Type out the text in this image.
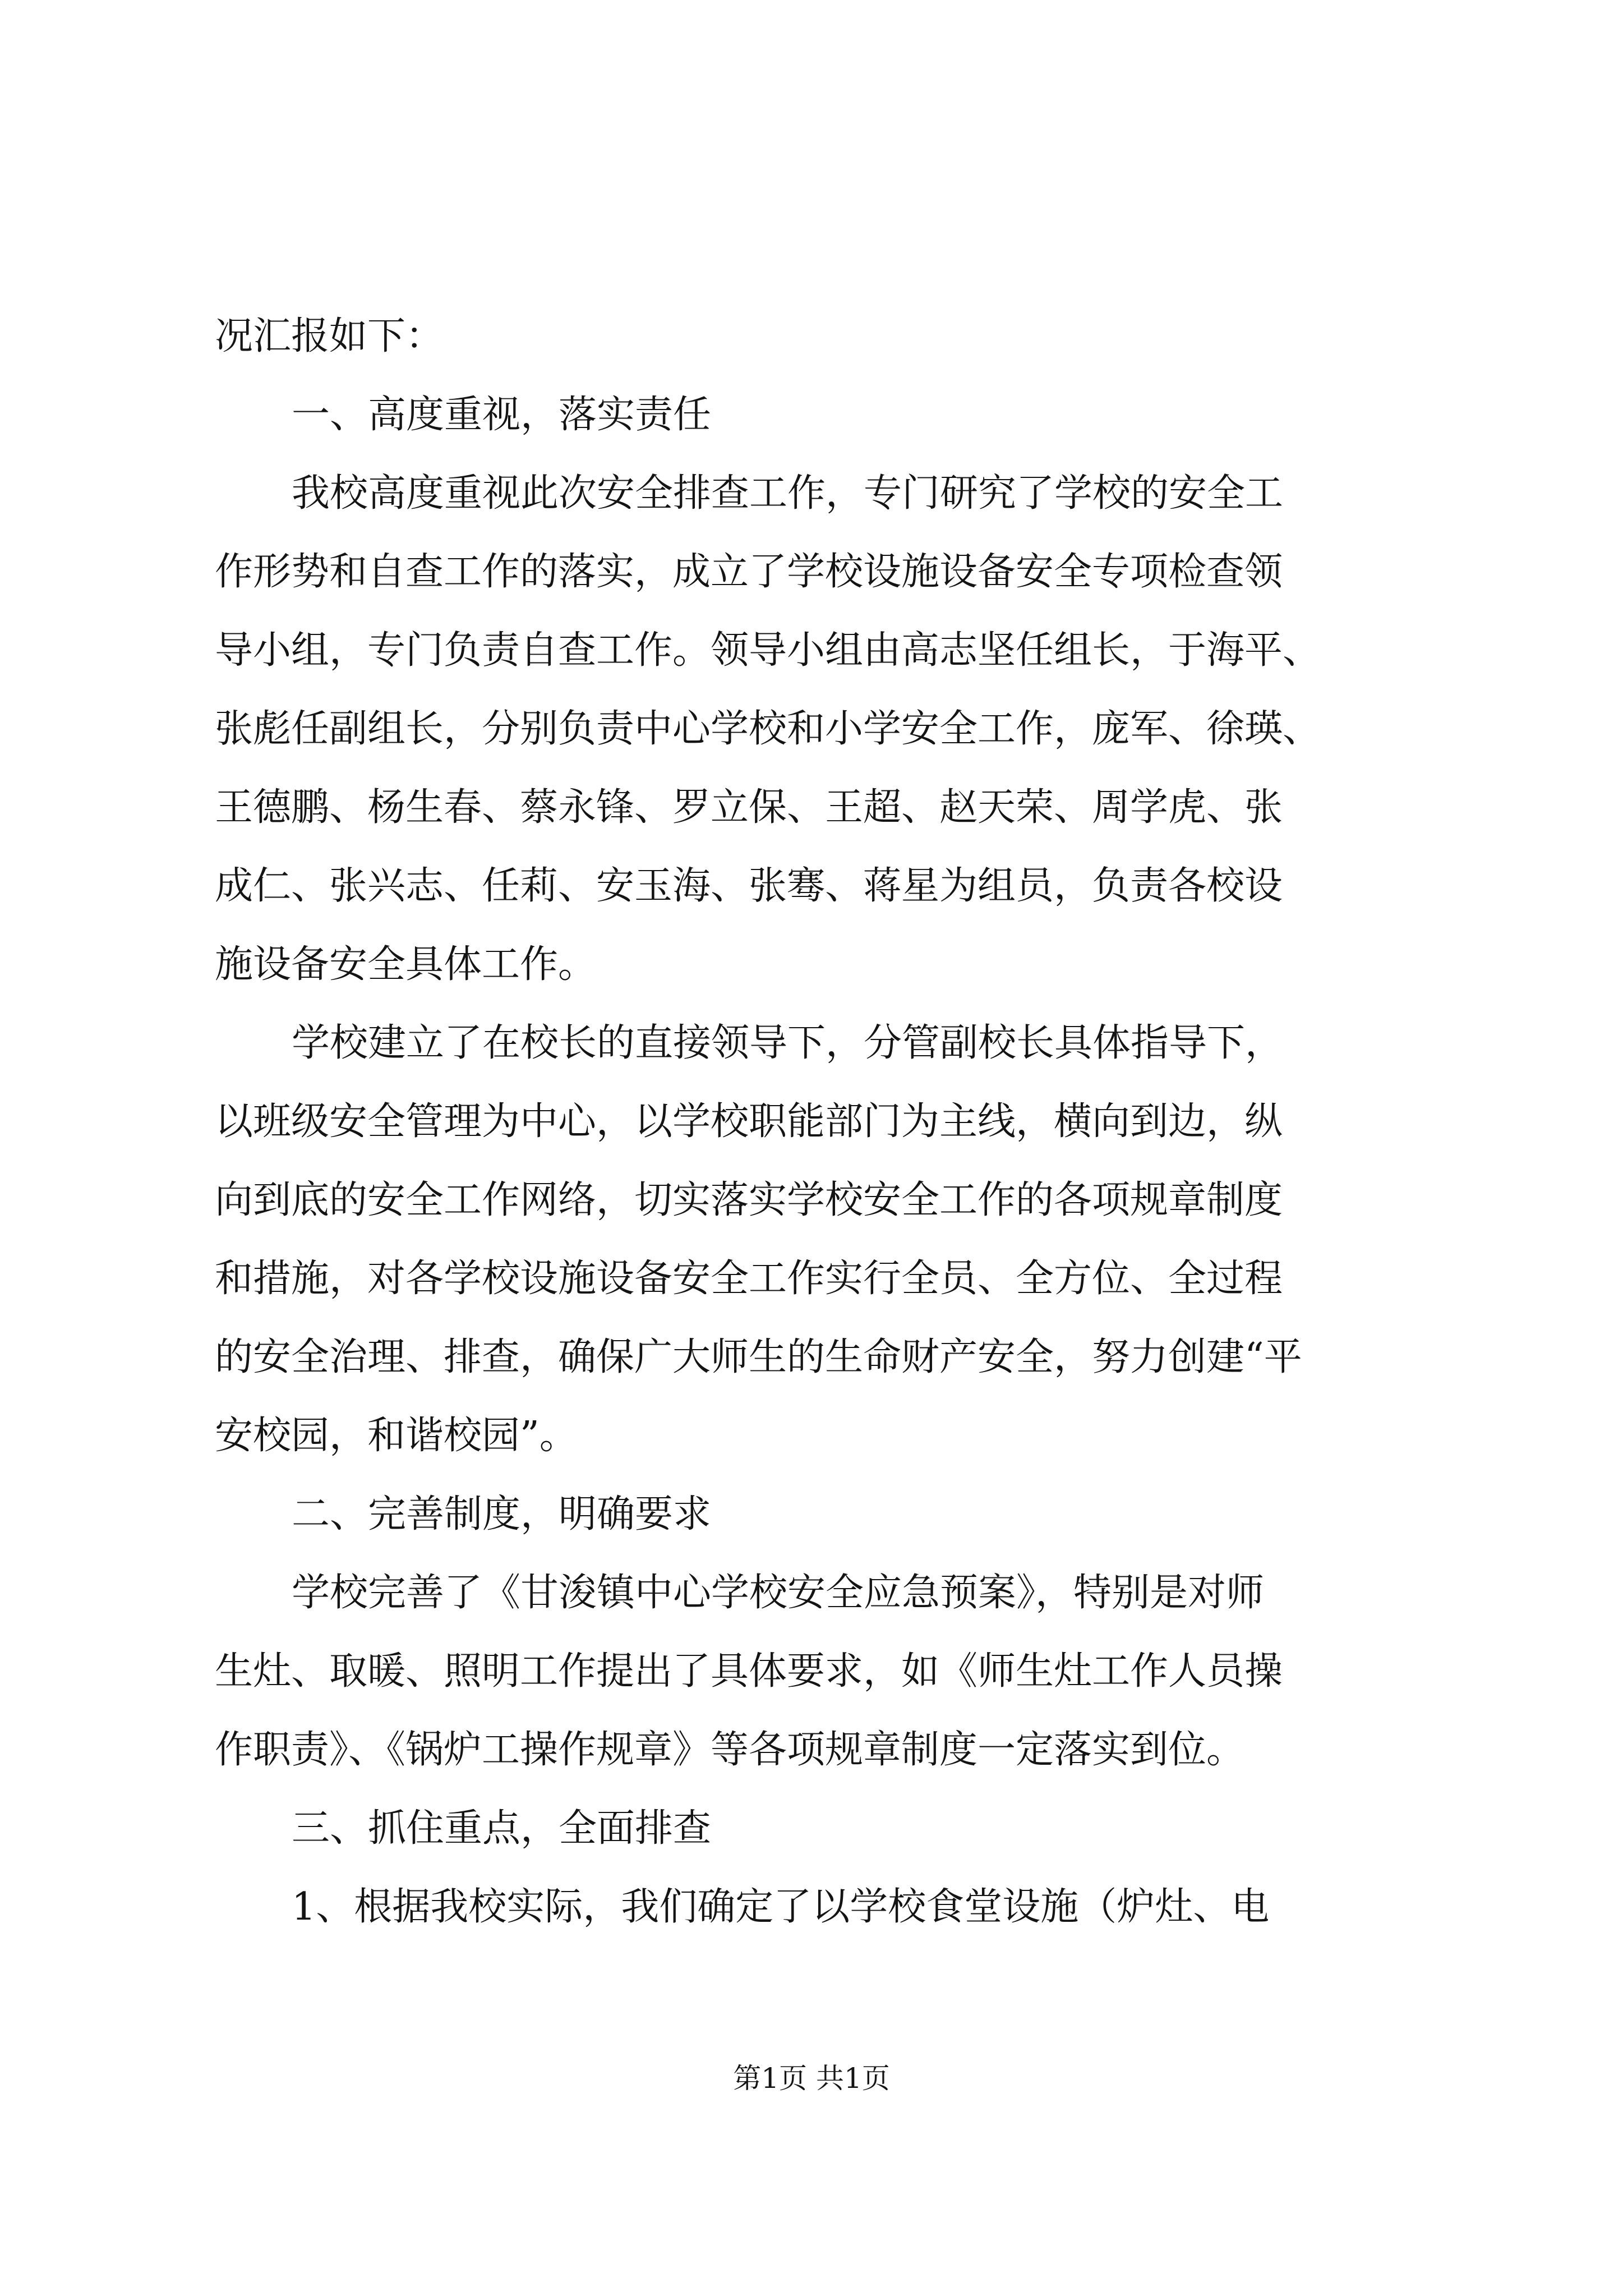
况汇报如下：

一、高度重视，落实责任

我校高度重视此次安全排查工作，专门研究了学校的安全工

作形势和自查工作的落实，成立了学校设施设备安全专项检查领

导小组，专门负责自查工作。领导小组由高志坚任组长，于海平、

张彪任副组长，分别负责中心学校和小学安全工作，庞军、徐瑛、

王德鹏、杨生春、蔡永锋、罗立保、王超、赵天荣、周学虎、张

成仁、张兴志、任莉、安玉海、张骞、蒋星为组员，负责各校设

施设备安全具体工作。

学校建立了在校长的直接领导下，分管副校长具体指导下，

以班级安全管理为中心，以学校职能部门为主线，横向到边，纵

向到底的安全工作网络，切实落实学校安全工作的各项规章制度

和措施，对各学校设施设备安全工作实行全员、全方位、全过程

的安全治理、排查，确保广大师生的生命财产安全，努力创建“平

安校园，和谐校园”。

二、完善制度，明确要求

学校完善了《甘浚镇中心学校安全应急预案》，特别是对师

生灶、取暖、照明工作提出了具体要求，如《师生灶工作人员操

作职责》、《锅炉工操作规章》等各项规章制度一定落实到位。

三、抓住重点，全面排查

1、根据我校实际，我们确定了以学校食堂设施（炉灶、电

第1页 共1页
